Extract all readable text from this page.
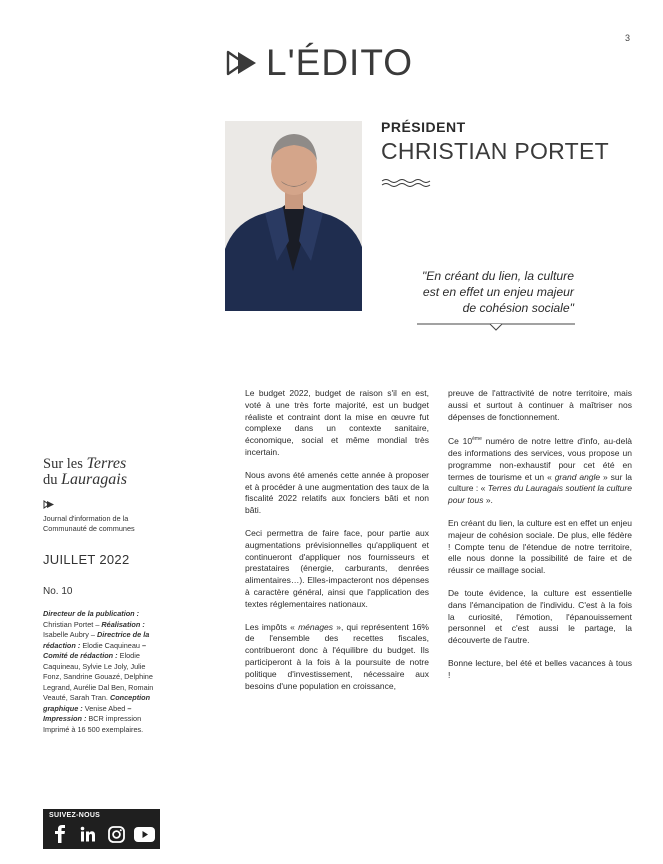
3
L'ÉDITO
PRÉSIDENT
CHRISTIAN PORTET
"En créant du lien, la culture
est en effet un enjeu majeur
de cohésion sociale"
Sur les Terres
du Lauragais
Journal d'information de la Communauté de communes
JUILLET 2022
No. 10
Directeur de la publication : Christian Portet – Réalisation : Isabelle Aubry – Directrice de la rédaction : Elodie Caquineau – Comité de rédaction : Elodie Caquineau, Sylvie Le Joly, Julie Fonz, Sandrine Gouazé, Delphine Legrand, Aurélie Dal Ben, Romain Veauté, Sarah Tran. Conception graphique : Venise Abed – Impression : BCR impression
Imprimé à 16 500 exemplaires.
SUIVEZ-NOUS

Le budget 2022, budget de raison s'il en est, voté à une très forte majorité, est un budget réaliste et contraint dont la mise en œuvre fut complexe dans un contexte sanitaire, économique, social et même mondial très incertain.

Nous avons été amenés cette année à proposer et à procéder à une augmentation des taux de la fiscalité 2022 relatifs aux fonciers bâti et non bâti.

Ceci permettra de faire face, pour partie aux augmentations prévisionnelles qu'appliquent et continueront d'appliquer nos fournisseurs et prestataires (énergie, carburants, denrées alimentaires…). Elles-impacteront nos dépenses à caractère général, ainsi que l'application des textes réglementaires nationaux.

Les impôts « ménages », qui représentent 16% de l'ensemble des recettes fiscales, contribueront donc à l'équilibre du budget. Ils participeront à la fois à la poursuite de notre politique d'investissement, nécessaire aux besoins d'une population en croissance,

preuve de l'attractivité de notre territoire, mais aussi et surtout à continuer à maîtriser nos dépenses de fonctionnement.

Ce 10ème numéro de notre lettre d'info, au-delà des informations des services, vous propose un programme non-exhaustif pour cet été en termes de tourisme et un « grand angle » sur la culture : « Terres du Lauragais soutient la culture pour tous ».

En créant du lien, la culture est en effet un enjeu majeur de cohésion sociale. De plus, elle fédère ! Compte tenu de l'étendue de notre territoire, elle nous donne la possibilité de faire et de réussir ce maillage social.

De toute évidence, la culture est essentielle dans l'émancipation de l'individu. C'est à la fois la curiosité, l'émotion, l'épanouissement personnel et c'est aussi le partage, la découverte de l'autre.

Bonne lecture, bel été et belles vacances à tous !
